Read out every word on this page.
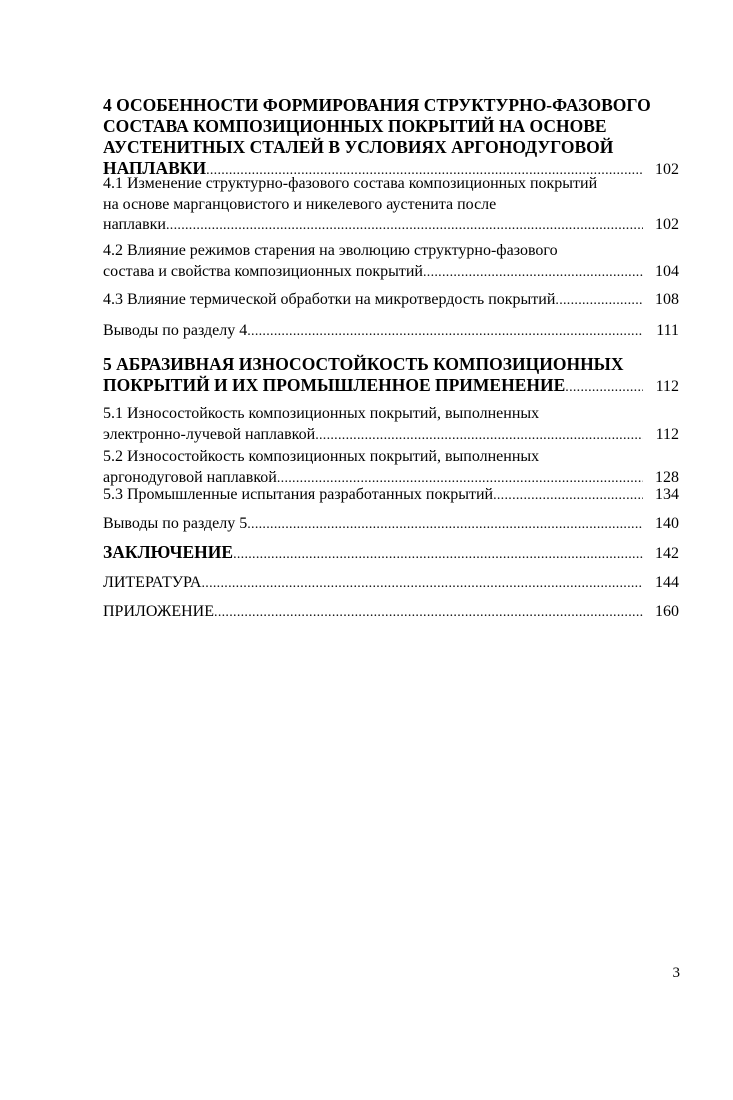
4 ОСОБЕННОСТИ ФОРМИРОВАНИЯ СТРУКТУРНО-ФАЗОВОГО
СОСТАВА КОМПОЗИЦИОННЫХ ПОКРЫТИЙ НА ОСНОВЕ
АУСТЕНИТНЫХ СТАЛЕЙ В УСЛОВИЯХ АРГОНОДУГОВОЙ
НАПЛАВКИ .....	102
4.1 Изменение структурно-фазового состава композиционных покрытий
на основе марганцовистого и никелевого аустенита после
наплавки .....	102
4.2 Влияние режимов старения на эволюцию структурно-фазового
состава и свойства композиционных покрытий .....	104
4.3 Влияние термической обработки на микротвердость покрытий .....	108
Выводы по разделу 4 .....	111
5 АБРАЗИВНАЯ ИЗНОСОСТОЙКОСТЬ КОМПОЗИЦИОННЫХ
ПОКРЫТИЙ И ИХ ПРОМЫШЛЕННОЕ ПРИМЕНЕНИЕ .....	112
5.1 Износостойкость композиционных покрытий, выполненных
электронно-лучевой наплавкой .....	112
5.2 Износостойкость композиционных покрытий, выполненных
аргонодуговой наплавкой .....	128
5.3 Промышленные испытания разработанных покрытий .....	134
Выводы по разделу 5 .....	140
ЗАКЛЮЧЕНИЕ .....	142
ЛИТЕРАТУРА .....	144
ПРИЛОЖЕНИЕ .....	160
3
